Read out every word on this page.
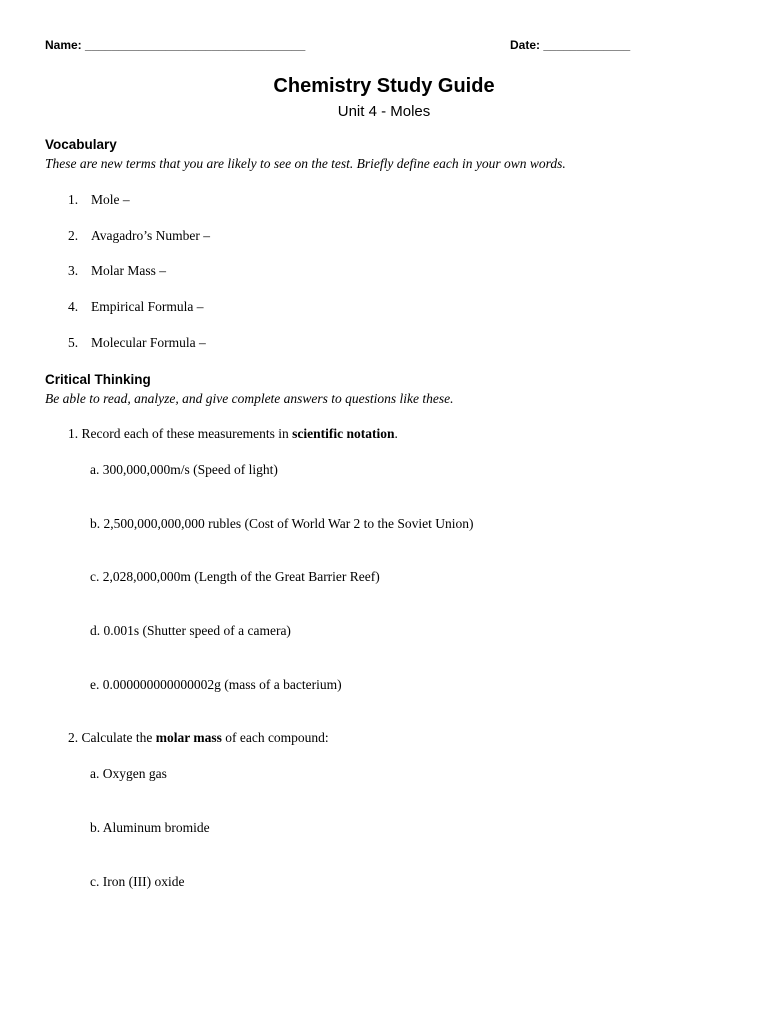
Name: _________________________________	Date: _____________
Chemistry Study Guide
Unit 4 - Moles
Vocabulary
These are new terms that you are likely to see on the test. Briefly define each in your own words.
1. Mole –
2. Avagadro’s Number –
3. Molar Mass –
4. Empirical Formula –
5. Molecular Formula –
Critical Thinking
Be able to read, analyze, and give complete answers to questions like these.
1. Record each of these measurements in scientific notation.
a. 300,000,000m/s (Speed of light)
b. 2,500,000,000,000 rubles (Cost of World War 2 to the Soviet Union)
c. 2,028,000,000m (Length of the Great Barrier Reef)
d. 0.001s (Shutter speed of a camera)
e. 0.000000000000002g (mass of a bacterium)
2. Calculate the molar mass of each compound:
a. Oxygen gas
b. Aluminum bromide
c. Iron (III) oxide
